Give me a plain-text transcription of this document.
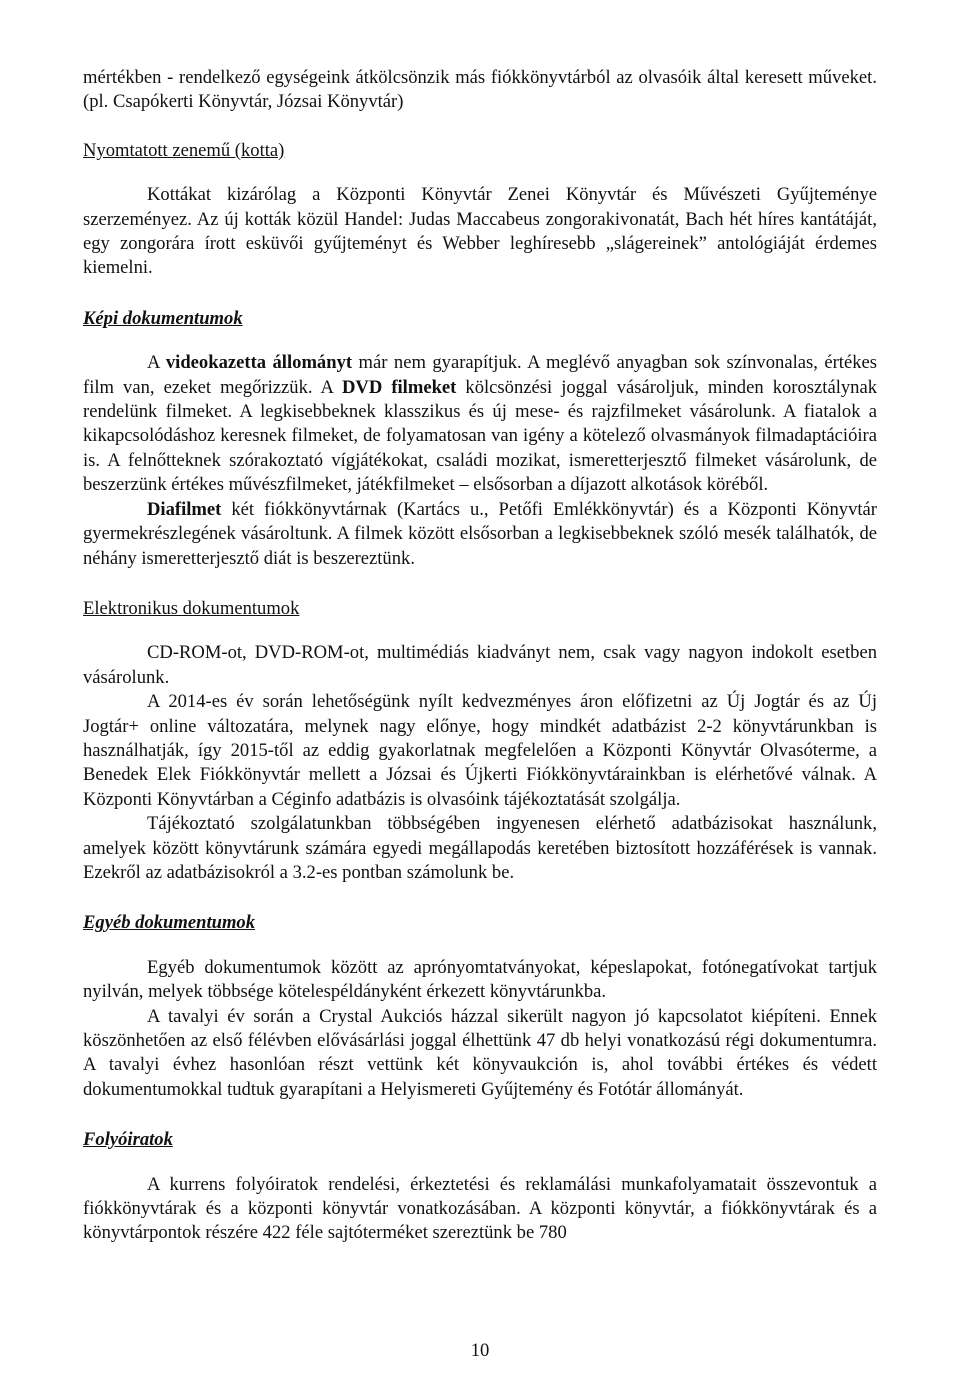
mértékben - rendelkező egységeink átkölcsönzik más fiókkönyvtárból az olvasóik által keresett műveket. (pl. Csapókerti Könyvtár, Józsai Könyvtár)

Nyomtatott zenemű (kotta)

Kottákat kizárólag a Központi Könyvtár Zenei Könyvtár és Művészeti Gyűjteménye szerzeményez. Az új kották közül Handel: Judas Maccabeus zongorakivonatát, Bach hét híres kantátáját, egy zongorára írott esküvői gyűjteményt és Webber leghíresebb „slágereinek” antológiáját érdemes kiemelni.

Képi dokumentumok

A videokazetta állományt már nem gyarapítjuk. A meglévő anyagban sok színvonalas, értékes film van, ezeket megőrizzük. A DVD filmeket kölcsönzési joggal vásároljuk, minden korosztálynak rendelünk filmeket. A legkisebbeknek klasszikus és új mese- és rajzfilmeket vásárolunk. A fiatalok a kikapcsolódáshoz keresnek filmeket, de folyamatosan van igény a kötelező olvasmányok filmadaptációira is. A felnőtteknek szórakoztató vígjátékokat, családi mozikat, ismeretterjesztő filmeket vásárolunk, de beszerzünk értékes művészfilmeket, játékfilmeket – elsősorban a díjazott alkotások köréből.

Diafilmet két fiókkönyvtárnak (Kartács u., Petőfi Emlékkönyvtár) és a Központi Könyvtár gyermekrészlegének vásároltunk. A filmek között elsősorban a legkisebbeknek szóló mesék találhatók, de néhány ismeretterjesztő diát is beszereztünk.

Elektronikus dokumentumok

CD-ROM-ot, DVD-ROM-ot, multimédiás kiadványt nem, csak vagy nagyon indokolt esetben vásárolunk.

A 2014-es év során lehetőségünk nyílt kedvezményes áron előfizetni az Új Jogtár és az Új Jogtár+ online változatára, melynek nagy előnye, hogy mindkét adatbázist 2-2 könyvtárunkban is használhatják, így 2015-től az eddig gyakorlatnak megfelelően a Központi Könyvtár Olvasóterme, a Benedek Elek Fiókkönyvtár mellett a Józsai és Újkerti Fiókkönyvtárainkban is elérhetővé válnak. A Központi Könyvtárban a Céginfo adatbázis is olvasóink tájékoztatását szolgálja.

Tájékoztató szolgálatunkban többségében ingyenesen elérhető adatbázisokat használunk, amelyek között könyvtárunk számára egyedi megállapodás keretében biztosított hozzáférések is vannak. Ezekről az adatbázisokról a 3.2-es pontban számolunk be.

Egyéb dokumentumok

Egyéb dokumentumok között az aprónyomtatványokat, képeslapokat, fotónegatívokat tartjuk nyilván, melyek többsége kötelespéldányként érkezett könyvtárunkba.

A tavalyi év során a Crystal Aukciós házzal sikerült nagyon jó kapcsolatot kiépíteni. Ennek köszönhetően az első félévben elővásárlási joggal élhettünk 47 db helyi vonatkozású régi dokumentumra. A tavalyi évhez hasonlóan részt vettünk két könyvaukción is, ahol további értékes és védett dokumentumokkal tudtuk gyarapítani a Helyismereti Gyűjtemény és Fotótár állományát.

Folyóiratok

A kurrens folyóiratok rendelési, érkeztetési és reklamálási munkafolyamatait összevontuk a fiókkönyvtárak és a központi könyvtár vonatkozásában. A központi könyvtár, a fiókkönyvtárak és a könyvtárpontok részére 422 féle sajtóterméket szereztünk be 780

10
